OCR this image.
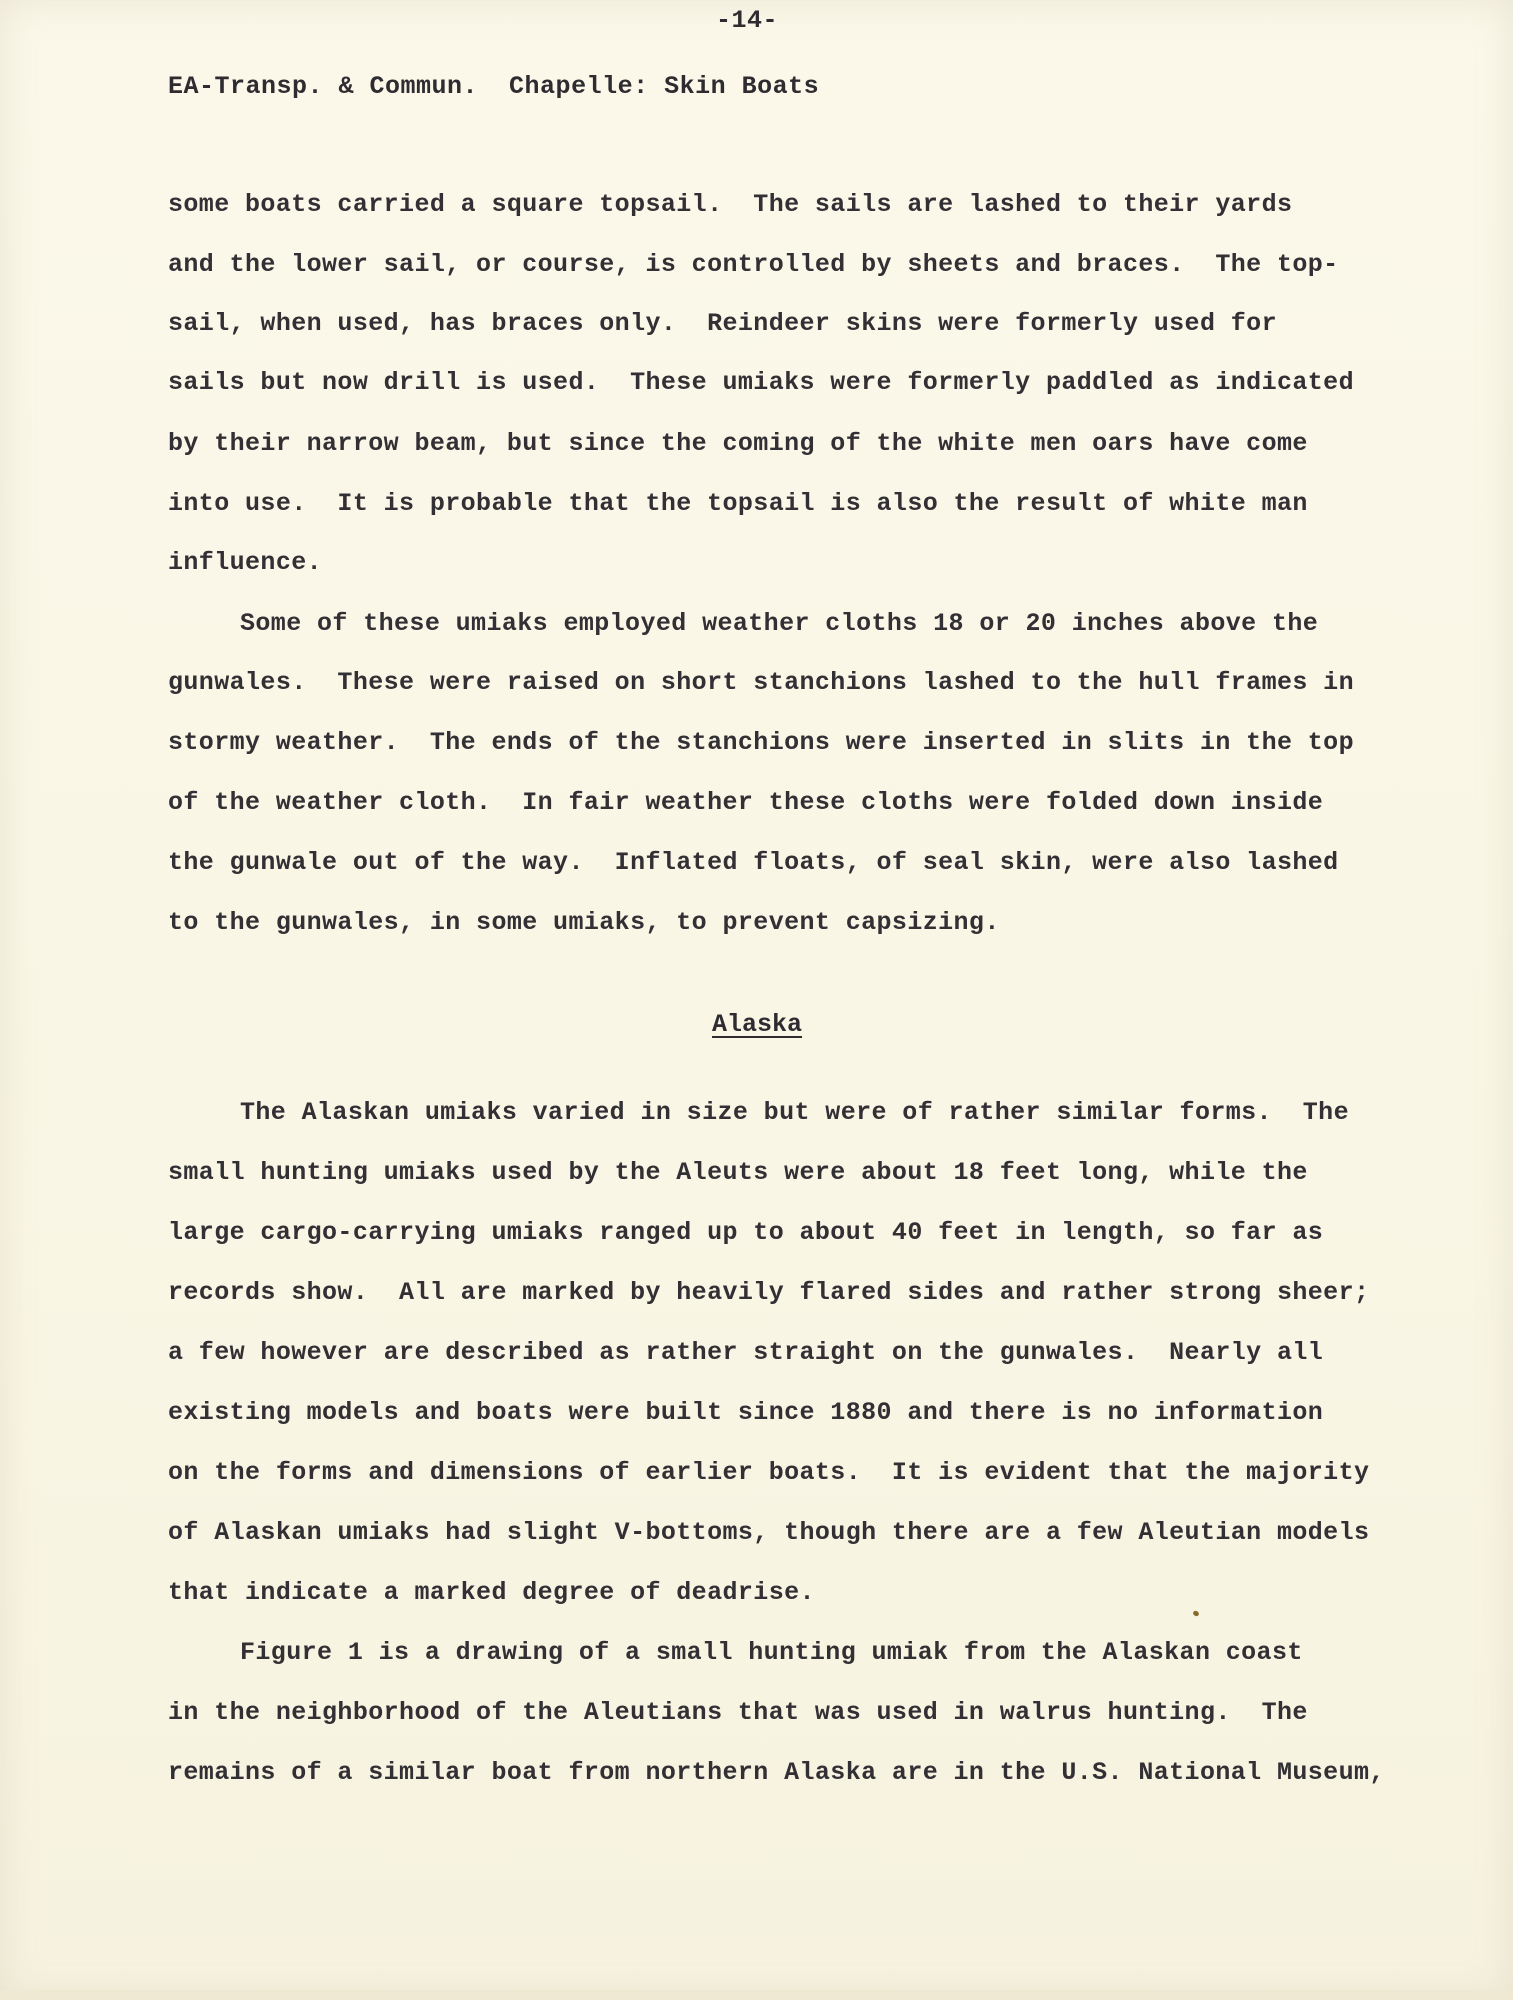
-14-
EA-Transp. & Commun.  Chapelle: Skin Boats
some boats carried a square topsail.  The sails are lashed to their yards
and the lower sail, or course, is controlled by sheets and braces.  The top-
sail, when used, has braces only.  Reindeer skins were formerly used for
sails but now drill is used.  These umiaks were formerly paddled as indicated
by their narrow beam, but since the coming of the white men oars have come
into use.  It is probable that the topsail is also the result of white man
influence.
Some of these umiaks employed weather cloths 18 or 20 inches above the
gunwales.  These were raised on short stanchions lashed to the hull frames in
stormy weather.  The ends of the stanchions were inserted in slits in the top
of the weather cloth.  In fair weather these cloths were folded down inside
the gunwale out of the way.  Inflated floats, of seal skin, were also lashed
to the gunwales, in some umiaks, to prevent capsizing.
Alaska
The Alaskan umiaks varied in size but were of rather similar forms.  The
small hunting umiaks used by the Aleuts were about 18 feet long, while the
large cargo-carrying umiaks ranged up to about 40 feet in length, so far as
records show.  All are marked by heavily flared sides and rather strong sheer;
a few however are described as rather straight on the gunwales.  Nearly all
existing models and boats were built since 1880 and there is no information
on the forms and dimensions of earlier boats.  It is evident that the majority
of Alaskan umiaks had slight V-bottoms, though there are a few Aleutian models
that indicate a marked degree of deadrise.
Figure 1 is a drawing of a small hunting umiak from the Alaskan coast
in the neighborhood of the Aleutians that was used in walrus hunting.  The
remains of a similar boat from northern Alaska are in the U.S. National Museum,
